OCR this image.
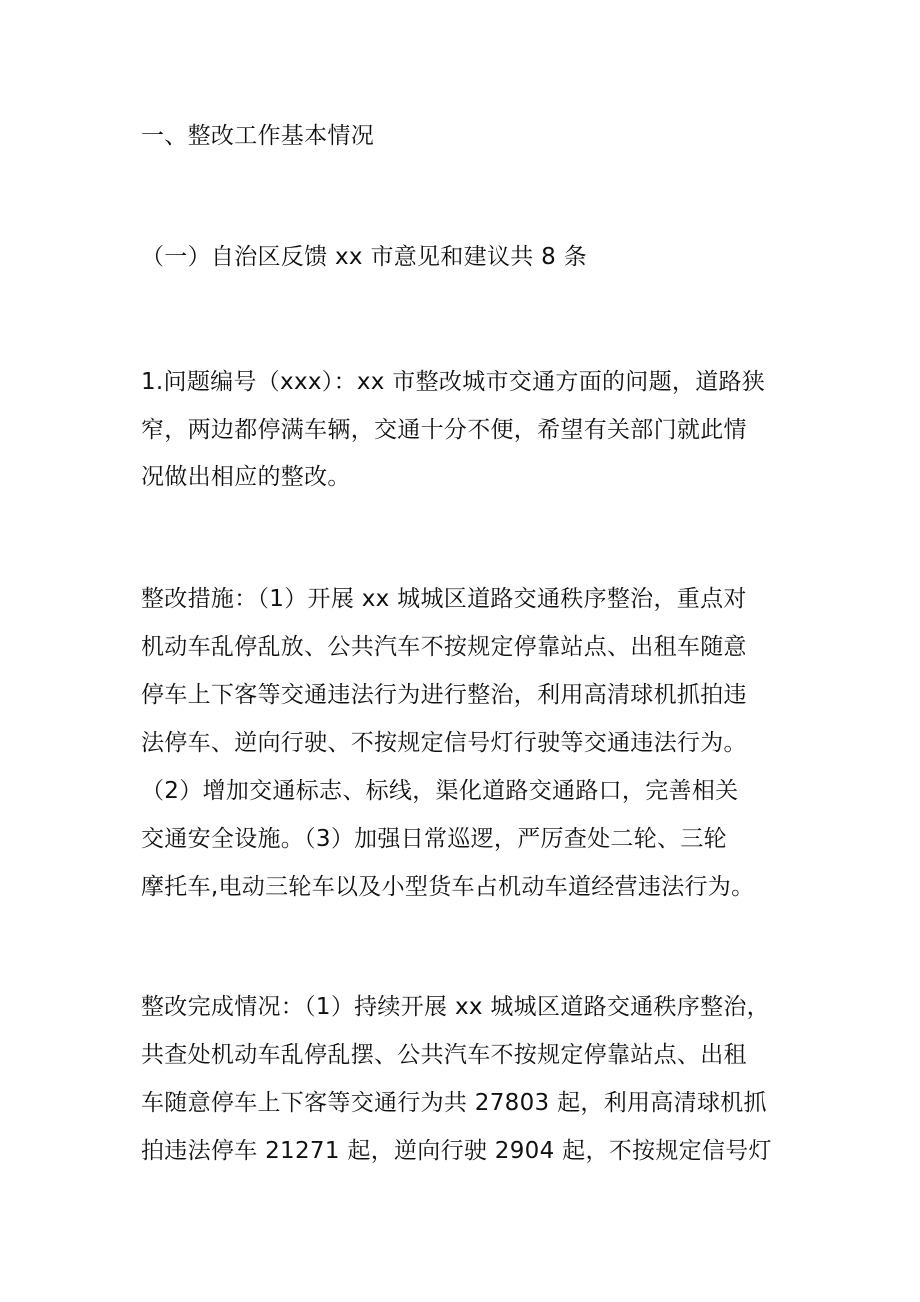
一、整改工作基本情况
（一）自治区反馈 xx 市意见和建议共 8 条
1.问题编号（xxx）：xx 市整改城市交通方面的问题，道路狭
窄，两边都停满车辆，交通十分不便，希望有关部门就此情
况做出相应的整改。
整改措施：（1）开展 xx 城城区道路交通秩序整治，重点对
机动车乱停乱放、公共汽车不按规定停靠站点、出租车随意
停车上下客等交通违法行为进行整治，利用高清球机抓拍违
法停车、逆向行驶、不按规定信号灯行驶等交通违法行为。
（2）增加交通标志、标线，渠化道路交通路口，完善相关
交通安全设施。（3）加强日常巡逻，严厉查处二轮、三轮
摩托车,电动三轮车以及小型货车占机动车道经营违法行为。
整改完成情况：（1）持续开展 xx 城城区道路交通秩序整治，
共查处机动车乱停乱摆、公共汽车不按规定停靠站点、出租
车随意停车上下客等交通行为共 27803 起，利用高清球机抓
拍违法停车 21271 起，逆向行驶 2904 起，不按规定信号灯
